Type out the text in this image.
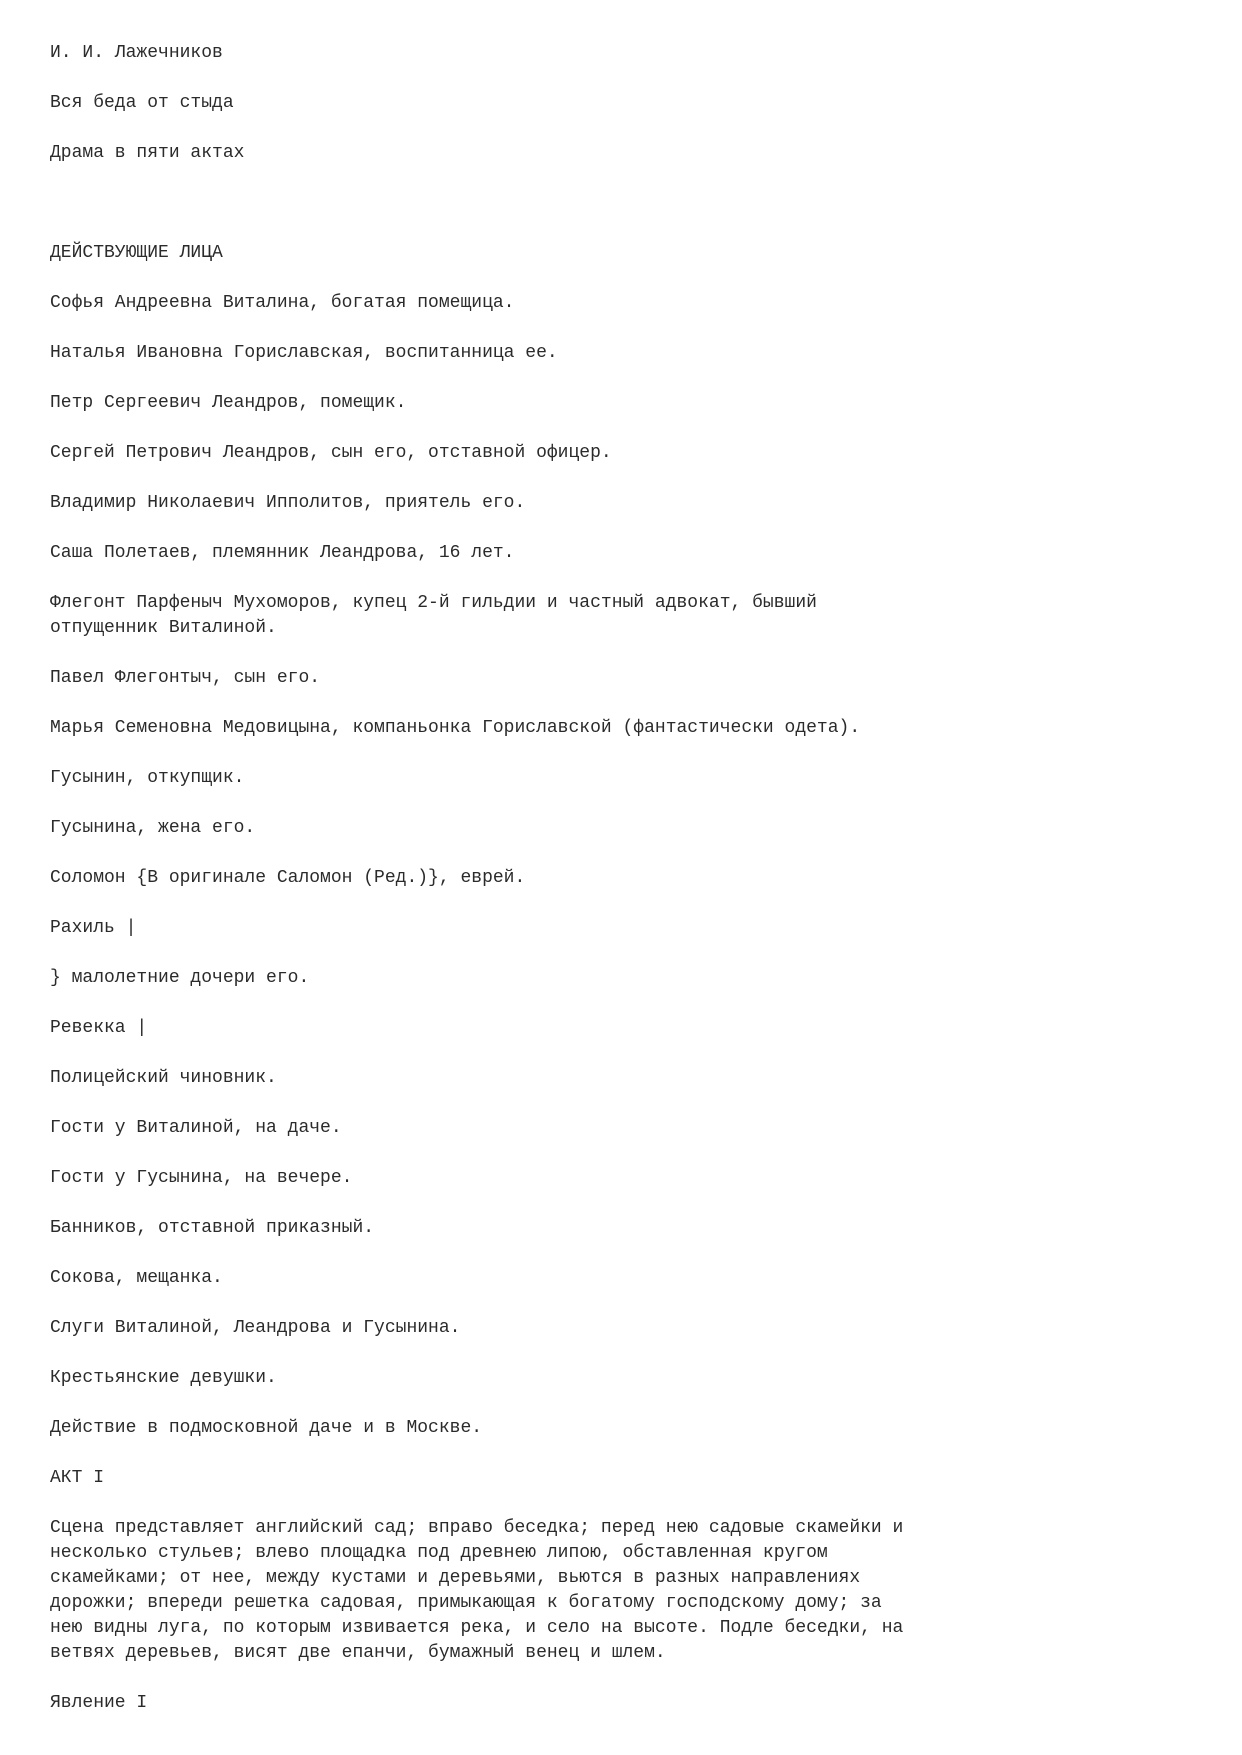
И. И. Лажечников

Вся беда от стыда

Драма в пяти актах

ДЕЙСТВУЮЩИЕ ЛИЦА

Софья Андреевна Виталина, богатая помещица.

Наталья Ивановна Гориславская, воспитанница ее.

Петр Сергеевич Леандров, помещик.

Сергей Петрович Леандров, сын его, отставной офицер.

Владимир Николаевич Ипполитов, приятель его.

Саша Полетаев, племянник Леандрова, 16 лет.

Флегонт Парфеныч Мухоморов, купец 2-й гильдии и частный адвокат, бывший
отпущенник Виталиной.

Павел Флегонтыч, сын его.

Марья Семеновна Медовицына, компаньонка Гориславской (фантастически одета).

Гусынин, откупщик.

Гусынина, жена его.

Соломон {В оригинале Саломон (Ред.)}, еврей.

Рахиль |

} малолетние дочери его.

Ревекка |

Полицейский чиновник.

Гости у Виталиной, на даче.

Гости у Гусынина, на вечере.

Банников, отставной приказный.

Сокова, мещанка.

Слуги Виталиной, Леандрова и Гусынина.

Крестьянские девушки.

Действие в подмосковной даче и в Москве.

АКТ I

Сцена представляет английский сад; вправо беседка; перед нею садовые скамейки и
несколько стульев; влево площадка под древнею липою, обставленная кругом
скамейками; от нее, между кустами и деревьями, вьются в разных направлениях
дорожки; впереди решетка садовая, примыкающая к богатому господскому дому; за
нею видны луга, по которым извивается река, и село на высоте. Подле беседки, на
ветвях деревьев, висят две епанчи, бумажный венец и шлем.

Явление I
